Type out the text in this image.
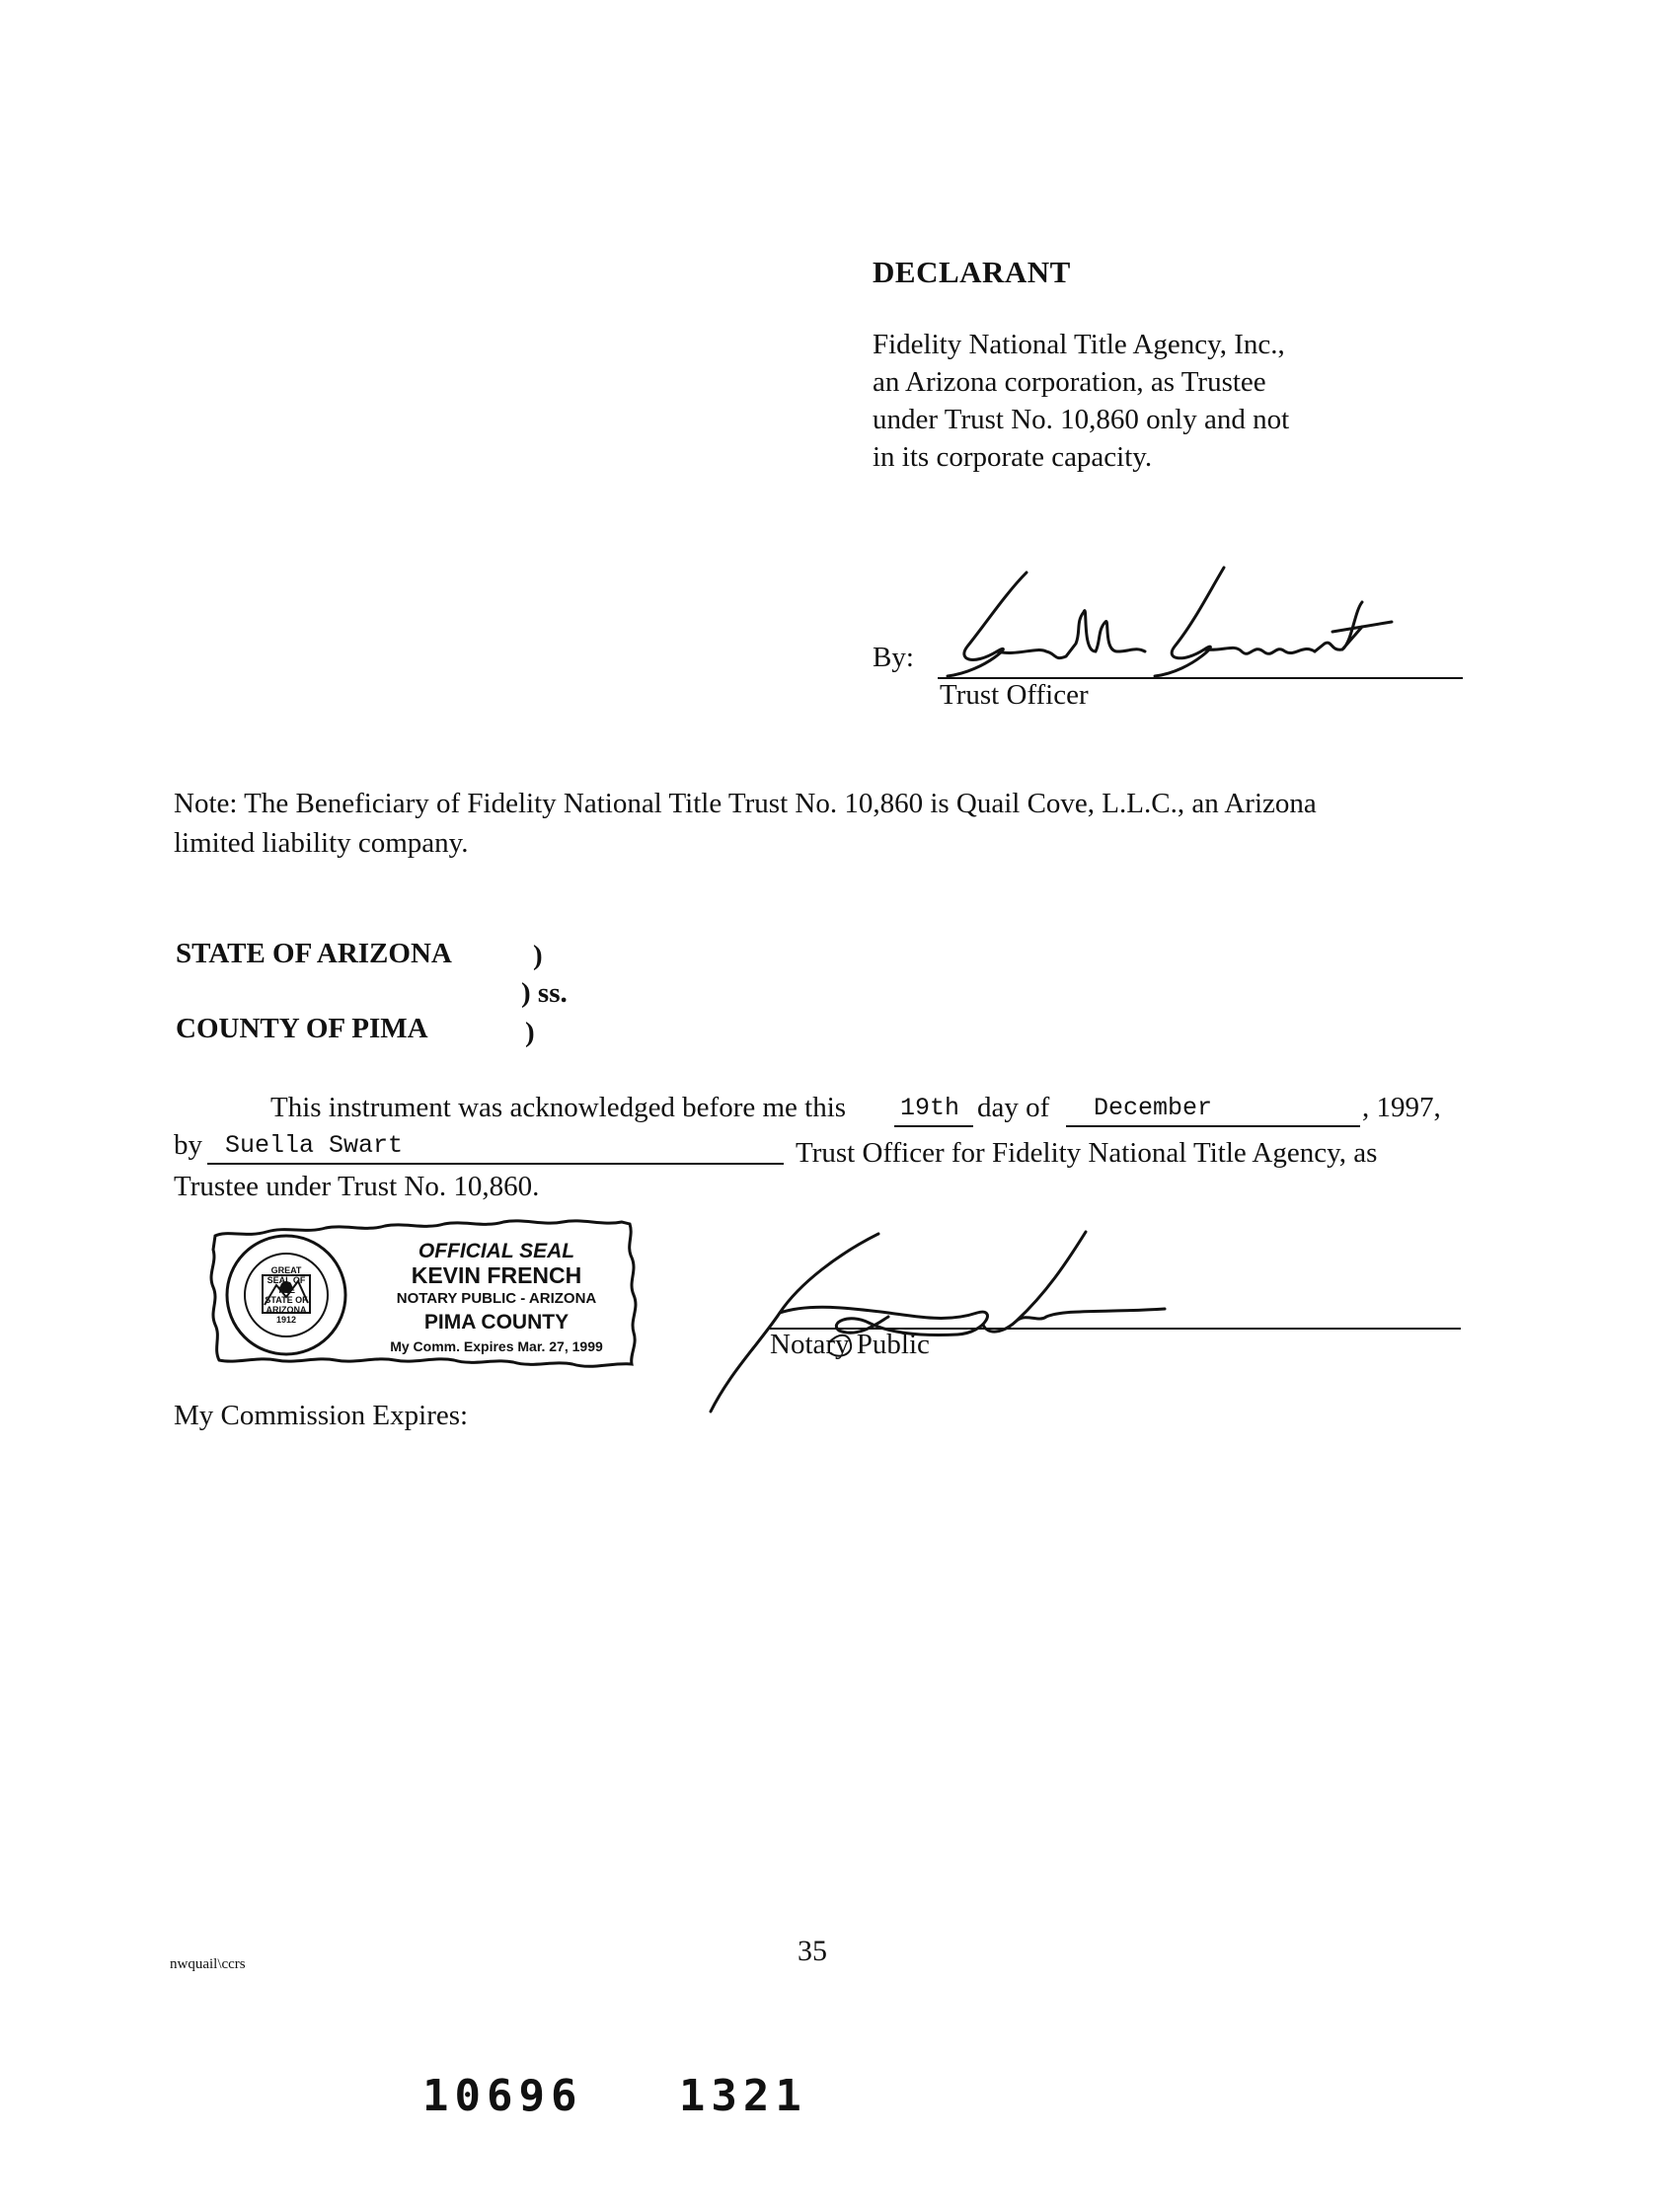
DECLARANT
Fidelity National Title Agency, Inc.,
an Arizona corporation, as Trustee
under Trust No. 10,860 only and not
in its corporate capacity.
By:
Trust Officer
Note: The Beneficiary of Fidelity National Title Trust No. 10,860 is Quail Cove, L.L.C., an Arizona
limited liability company.
STATE OF ARIZONA	)
) ss.
COUNTY OF PIMA	)
This instrument was acknowledged before me this 19th day of December	, 1997,
by Suella Swart	Trust Officer for Fidelity National Title Agency, as
Trustee under Trust No. 10,860.
GREAT SEAL OF THE STATE OF ARIZONA 1912
OFFICIAL SEAL
KEVIN FRENCH
NOTARY PUBLIC - ARIZONA
PIMA COUNTY
My Comm. Expires Mar. 27, 1999	Notary Public
My Commission Expires:
nwquail\ccrs	35
10696   1321
